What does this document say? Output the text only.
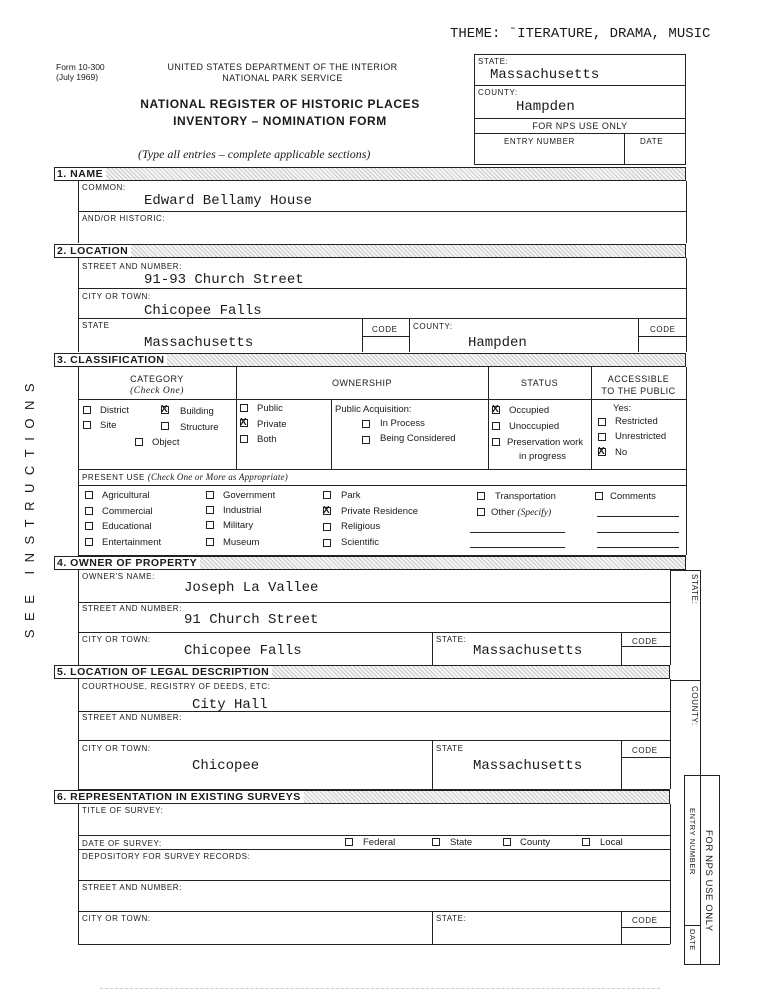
THEME: ˉITERATURE, DRAMA, MUSIC
Form 10-300
(July 1969)
UNITED STATES DEPARTMENT OF THE INTERIOR
NATIONAL PARK SERVICE
NATIONAL REGISTER OF HISTORIC PLACES
INVENTORY – NOMINATION FORM
(Type all entries – complete applicable sections)
STATE:
Massachusetts
COUNTY:
Hampden
FOR NPS USE ONLY
ENTRY NUMBER	DATE
SEE INSTRUCTIONS
1. NAME
COMMON:
Edward Bellamy House
AND/OR HISTORIC:
2. LOCATION
STREET AND NUMBER:
91-93 Church Street
CITY OR TOWN:
Chicopee Falls
STATE
Massachusetts
CODE COUNTY:
Hampden
CODE
3. CLASSIFICATION
CATEGORY
(Check One)
OWNERSHIP	STATUS	ACCESSIBLE
TO THE PUBLIC
District
X	Building
Site	Structure
Object
Public
X
Private
Both
Public Acquisition:
In Process
Being Considered
X
Occupied
Unoccupied
Preservation work
in progress
Yes:
Restricted
Unrestricted
X
No
PRESENT USE (Check One or More as Appropriate)
Agricultural
Commercial
Educational
Entertainment
Government
Industrial
Military
Museum
Park
X
Private Residence
Religious
Scientific
Transportation
Other (Specify)
Comments
4. OWNER OF PROPERTY
OWNER'S NAME:
Joseph La Vallee
STREET AND NUMBER:
91 Church Street
CITY OR TOWN:
Chicopee Falls
STATE:
Massachusetts
CODE
STATE:
COUNTY:
5. LOCATION OF LEGAL DESCRIPTION
COURTHOUSE, REGISTRY OF DEEDS, ETC:
City Hall
STREET AND NUMBER:
CITY OR TOWN:
Chicopee
STATE
Massachusetts
CODE
6. REPRESENTATION IN EXISTING SURVEYS
TITLE OF SURVEY:
DATE OF SURVEY:	Federal	State	County	Local
DEPOSITORY FOR SURVEY RECORDS:
STREET AND NUMBER:
CITY OR TOWN:	STATE:	CODE
ENTRY NUMBER
DATE
FOR NPS USE ONLY
